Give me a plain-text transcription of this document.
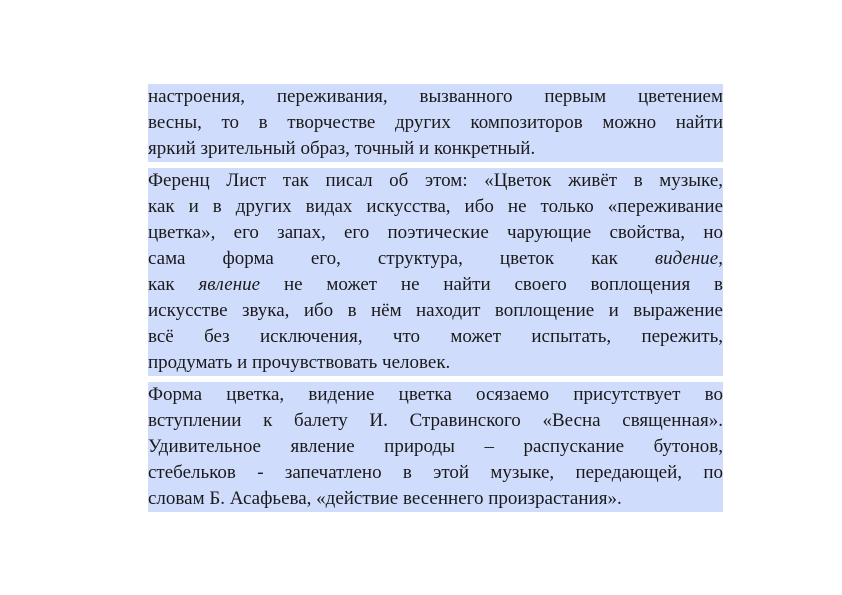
настроения, переживания, вызванного первым цветением
весны, то в творчестве других композиторов можно найти
яркий зрительный образ, точный и конкретный.

Ференц Лист так писал об этом: «Цветок живёт в музыке,
как и в других видах искусства, ибо не только «переживание
цветка», его запах, его поэтические чарующие свойства, но
сама форма его, структура, цветок как видение,
как явление не может не найти своего воплощения в
искусстве звука, ибо в нём находит воплощение и выражение
всё без исключения, что может испытать, пережить,
продумать и прочувствовать человек.

Форма цветка, видение цветка осязаемо присутствует во
вступлении к балету И. Стравинского «Весна священная».
Удивительное явление природы – распускание бутонов,
стебельков - запечатлено в этой музыке, передающей, по
словам Б. Асафьева, «действие весеннего произрастания».
